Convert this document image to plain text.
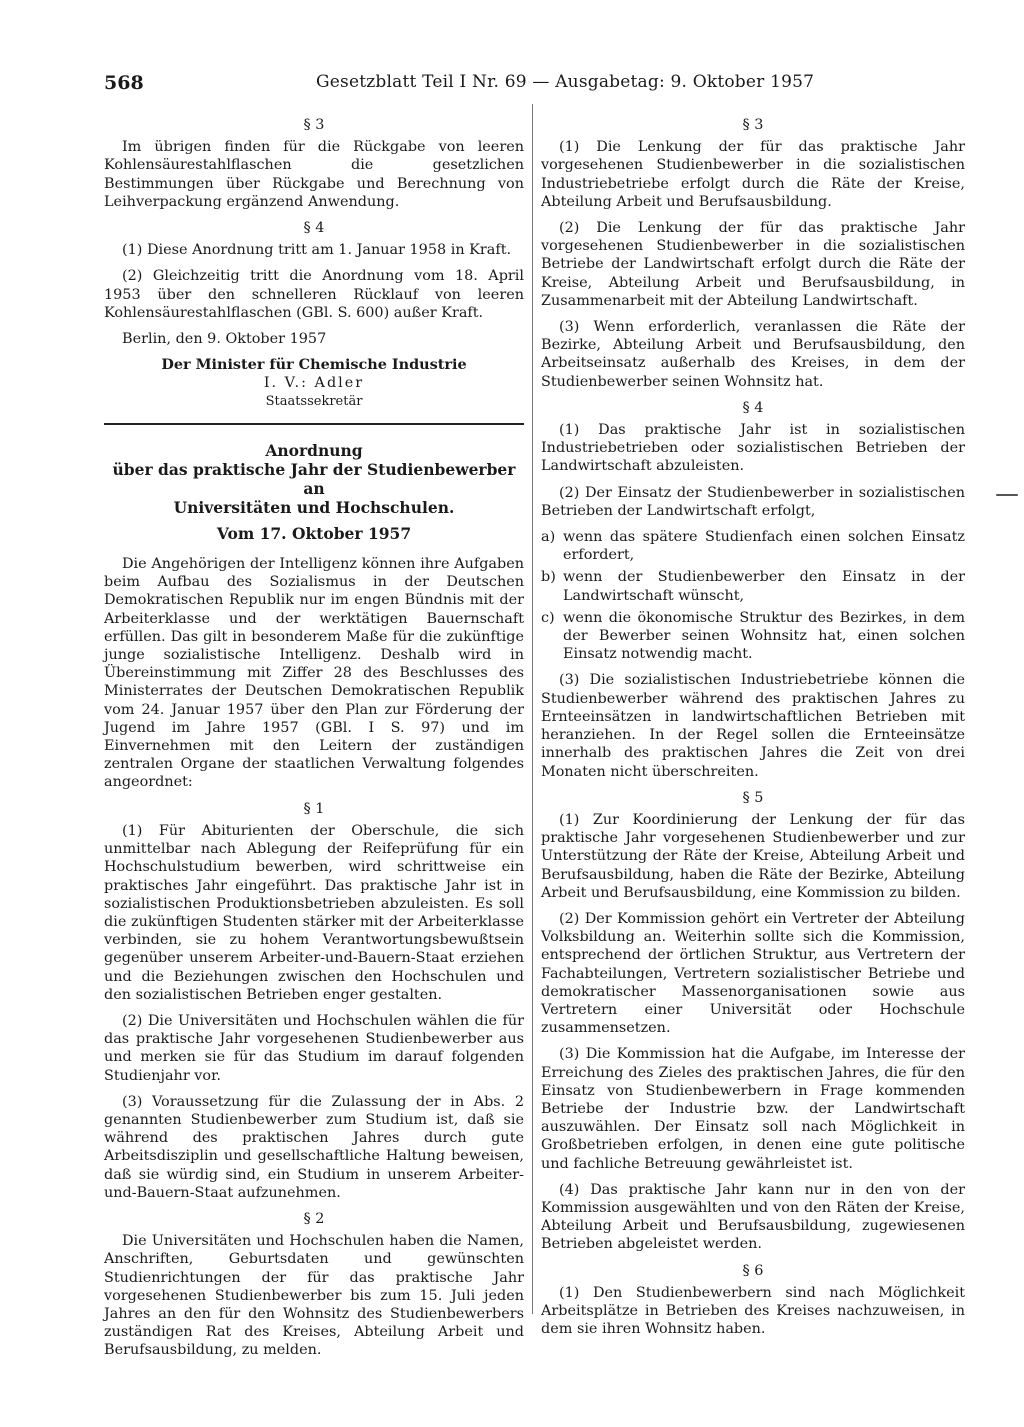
568	Gesetzblatt Teil I Nr. 69 — Ausgabetag: 9. Oktober 1957
§ 3

Im übrigen finden für die Rückgabe von leeren Kohlensäurestahlflaschen die gesetzlichen Bestimmungen über Rückgabe und Berechnung von Leihverpackung ergänzend Anwendung.

§ 4

(1) Diese Anordnung tritt am 1. Januar 1958 in Kraft.

(2) Gleichzeitig tritt die Anordnung vom 18. April 1953 über den schnelleren Rücklauf von leeren Kohlensäurestahlflaschen (GBl. S. 600) außer Kraft.

Berlin, den 9. Oktober 1957

Der Minister für Chemische Industrie
I. V.: Adler
Staatssekretär
Anordnung
über das praktische Jahr der Studienbewerber an
Universitäten und Hochschulen.
Vom 17. Oktober 1957

Die Angehörigen der Intelligenz können ihre Aufgaben beim Aufbau des Sozialismus in der Deutschen Demokratischen Republik nur im engen Bündnis mit der Arbeiterklasse und der werktätigen Bauernschaft erfüllen. Das gilt in besonderem Maße für die zukünftige junge sozialistische Intelligenz. Deshalb wird in Übereinstimmung mit Ziffer 28 des Beschlusses des Ministerrates der Deutschen Demokratischen Republik vom 24. Januar 1957 über den Plan zur Förderung der Jugend im Jahre 1957 (GBl. I S. 97) und im Einvernehmen mit den Leitern der zuständigen zentralen Organe der staatlichen Verwaltung folgendes angeordnet:

§ 1

(1) Für Abiturienten der Oberschule, die sich unmittelbar nach Ablegung der Reifeprüfung für ein Hochschulstudium bewerben, wird schrittweise ein praktisches Jahr eingeführt. Das praktische Jahr ist in sozialistischen Produktionsbetrieben abzuleisten. Es soll die zukünftigen Studenten stärker mit der Arbeiterklasse verbinden, sie zu hohem Verantwortungsbewußtsein gegenüber unserem Arbeiter-und-Bauern-Staat erziehen und die Beziehungen zwischen den Hochschulen und den sozialistischen Betrieben enger gestalten.

(2) Die Universitäten und Hochschulen wählen die für das praktische Jahr vorgesehenen Studienbewerber aus und merken sie für das Studium im darauf folgenden Studienjahr vor.

(3) Voraussetzung für die Zulassung der in Abs. 2 genannten Studienbewerber zum Studium ist, daß sie während des praktischen Jahres durch gute Arbeitsdisziplin und gesellschaftliche Haltung beweisen, daß sie würdig sind, ein Studium in unserem Arbeiter-und-Bauern-Staat aufzunehmen.

§ 2

Die Universitäten und Hochschulen haben die Namen, Anschriften, Geburtsdaten und gewünschten Studienrichtungen der für das praktische Jahr vorgesehenen Studienbewerber bis zum 15. Juli jeden Jahres an den für den Wohnsitz des Studienbewerbers zuständigen Rat des Kreises, Abteilung Arbeit und Berufsausbildung, zu melden.

§ 3

(1) Die Lenkung der für das praktische Jahr vorgesehenen Studienbewerber in die sozialistischen Industriebetriebe erfolgt durch die Räte der Kreise, Abteilung Arbeit und Berufsausbildung.

(2) Die Lenkung der für das praktische Jahr vorgesehenen Studienbewerber in die sozialistischen Betriebe der Landwirtschaft erfolgt durch die Räte der Kreise, Abteilung Arbeit und Berufsausbildung, in Zusammenarbeit mit der Abteilung Landwirtschaft.

(3) Wenn erforderlich, veranlassen die Räte der Bezirke, Abteilung Arbeit und Berufsausbildung, den Arbeitseinsatz außerhalb des Kreises, in dem der Studienbewerber seinen Wohnsitz hat.

§ 4

(1) Das praktische Jahr ist in sozialistischen Industriebetrieben oder sozialistischen Betrieben der Landwirtschaft abzuleisten.

(2) Der Einsatz der Studienbewerber in sozialistischen Betrieben der Landwirtschaft erfolgt,

a) wenn das spätere Studienfach einen solchen Einsatz erfordert,
b) wenn der Studienbewerber den Einsatz in der Landwirtschaft wünscht,
c) wenn die ökonomische Struktur des Bezirkes, in dem der Bewerber seinen Wohnsitz hat, einen solchen Einsatz notwendig macht.

(3) Die sozialistischen Industriebetriebe können die Studienbewerber während des praktischen Jahres zu Ernteeinsätzen in landwirtschaftlichen Betrieben mit heranziehen. In der Regel sollen die Ernteeinsätze innerhalb des praktischen Jahres die Zeit von drei Monaten nicht überschreiten.

§ 5

(1) Zur Koordinierung der Lenkung der für das praktische Jahr vorgesehenen Studienbewerber und zur Unterstützung der Räte der Kreise, Abteilung Arbeit und Berufsausbildung, haben die Räte der Bezirke, Abteilung Arbeit und Berufsausbildung, eine Kommission zu bilden.

(2) Der Kommission gehört ein Vertreter der Abteilung Volksbildung an. Weiterhin sollte sich die Kommission, entsprechend der örtlichen Struktur, aus Vertretern der Fachabteilungen, Vertretern sozialistischer Betriebe und demokratischer Massenorganisationen sowie aus Vertretern einer Universität oder Hochschule zusammensetzen.

(3) Die Kommission hat die Aufgabe, im Interesse der Erreichung des Zieles des praktischen Jahres, die für den Einsatz von Studienbewerbern in Frage kommenden Betriebe der Industrie bzw. der Landwirtschaft auszuwählen. Der Einsatz soll nach Möglichkeit in Großbetrieben erfolgen, in denen eine gute politische und fachliche Betreuung gewährleistet ist.

(4) Das praktische Jahr kann nur in den von der Kommission ausgewählten und von den Räten der Kreise, Abteilung Arbeit und Berufsausbildung, zugewiesenen Betrieben abgeleistet werden.

§ 6

(1) Den Studienbewerbern sind nach Möglichkeit Arbeitsplätze in Betrieben des Kreises nachzuweisen, in dem sie ihren Wohnsitz haben.
